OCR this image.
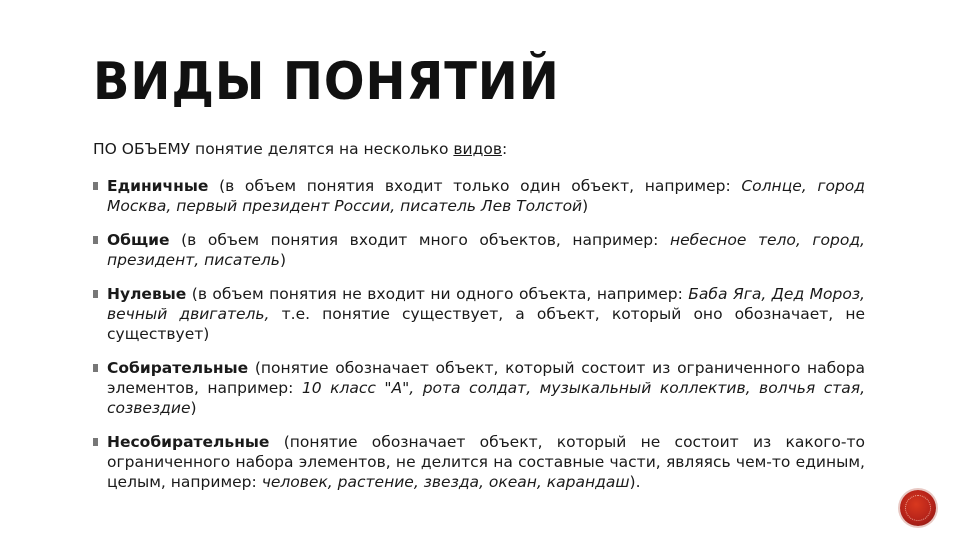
ВИДЫ ПОНЯТИЙ
ПО ОБЪЕМУ понятие делятся на несколько видов:
Единичные (в объем понятия входит только один объект, например: Солнце, город Москва, первый президент России, писатель Лев Толстой)
Общие (в объем понятия входит много объектов, например: небесное тело, город, президент, писатель)
Нулевые (в объем понятия не входит ни одного объекта, например: Баба Яга, Дед Мороз, вечный двигатель, т.е. понятие существует, а объект, который оно обозначает, не существует)
Собирательные (понятие обозначает объект, который состоит из ограниченного набора элементов, например: 10 класс "А", рота солдат, музыкальный коллектив, волчья стая, созвездие)
Несобирательные (понятие обозначает объект, который не состоит из какого-то ограниченного набора элементов, не делится на составные части, являясь чем-то единым, целым, например: человек, растение, звезда, океан, карандаш).
